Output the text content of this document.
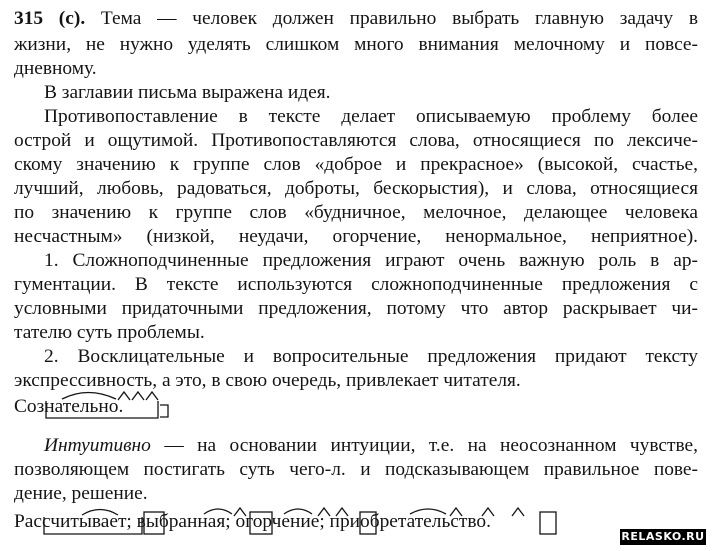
315 (с). Тема — человек должен правильно выбрать главную задачу в
жизни, не нужно уделять слишком много внимания мелочному и повсе-
дневному.
В заглавии письма выражена идея.
Противопоставление в тексте делает описываемую проблему более
острой и ощутимой. Противопоставляются слова, относящиеся по лексиче-
скому значению к группе слов «доброе и прекрасное» (высокой, счастье,
лучший, любовь, радоваться, доброты, бескорыстия), и слова, относящиеся
по значению к группе слов «будничное, мелочное, делающее человека
несчастным» (низкой, неудачи, огорчение, ненормальное, неприятное).
1. Сложноподчиненные предложения играют очень важную роль в ар-
гументации. В тексте используются сложноподчиненные предложения с
условными придаточными предложения, потому что автор раскрывает чи-
тателю суть проблемы.
2. Восклицательные и вопросительные предложения придают тексту
экспрессивность, а это, в свою очередь, привлекает читателя.
Сознательно.
Интуитивно — на основании интуиции, т.е. на неосознанном чувстве,
позволяющем постигать суть чего-л. и подсказывающем правильное пове-
дение, решение.
Рассчитывает; выбранная; огорчение; приобретательство.
RELASKO.RU
